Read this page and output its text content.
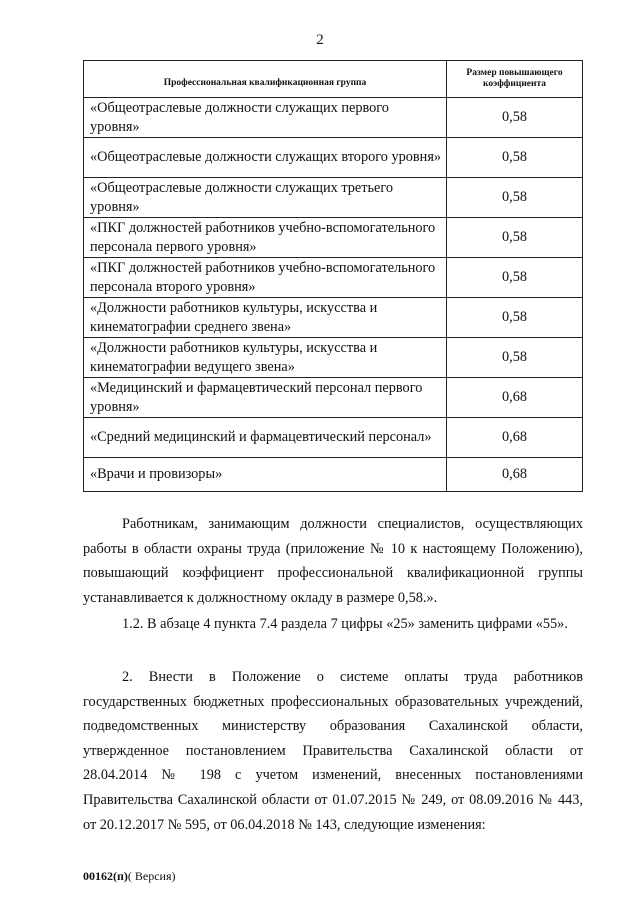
2
Профессиональная квалификационная группа	Размер повышающего коэффициента
«Общеотраслевые должности служащих первого уровня»	0,58
«Общеотраслевые должности служащих второго уровня»	0,58
«Общеотраслевые должности служащих третьего уровня»	0,58
«ПКГ должностей работников учебно-вспомогательного персонала первого уровня»	0,58
«ПКГ должностей работников учебно-вспомогательного персонала второго уровня»	0,58
«Должности работников культуры, искусства и кинематографии среднего звена»	0,58
«Должности работников культуры, искусства и кинематографии ведущего звена»	0,58
«Медицинский и фармацевтический персонал первого уровня»	0,68
«Средний медицинский и фармацевтический персонал»	0,68
«Врачи и провизоры»	0,68
Работникам, занимающим должности специалистов, осуществляющих работы в области охраны труда (приложение № 10 к настоящему Положению), повышающий коэффициент профессиональной квалификационной группы устанавливается к должностному окладу в размере 0,58.».
1.2. В абзаце 4 пункта 7.4 раздела 7 цифры «25» заменить цифрами «55».
2. Внести в Положение о системе оплаты труда работников государственных бюджетных профессиональных образовательных учреждений, подведомственных министерству образования Сахалинской области, утвержденное постановлением Правительства Сахалинской области от 28.04.2014 № 198 с учетом изменений, внесенных постановлениями Правительства Сахалинской области от 01.07.2015 № 249, от 08.09.2016 № 443, от 20.12.2017 № 595, от 06.04.2018 № 143, следующие изменения:
00162(п)( Версия)
